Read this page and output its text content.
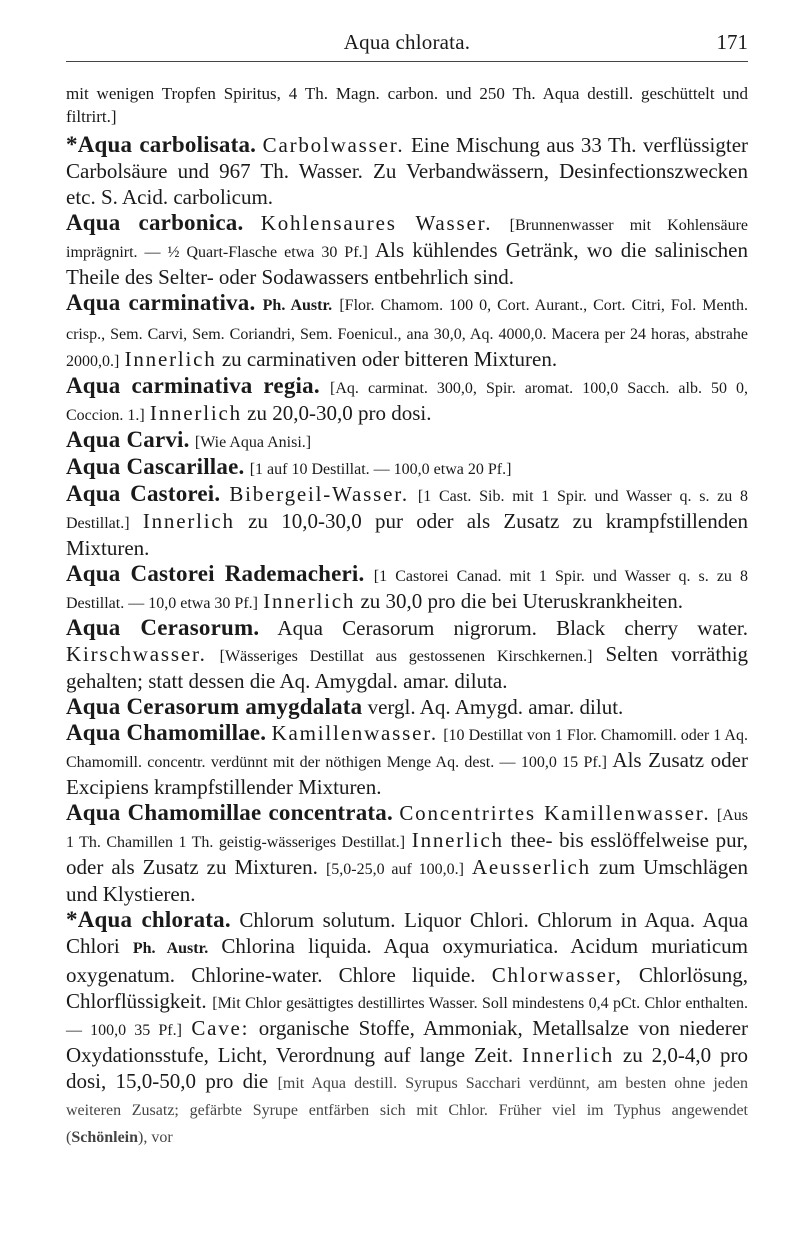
Aqua chlorata.	171

mit wenigen Tropfen Spiritus, 4 Th. Magn. carbon. und 250 Th. Aqua destill. geschüttelt und filtrirt.]

*Aqua carbolisata. Carbolwasser. Eine Mischung aus 33 Th. verflüssigter Carbolsäure und 967 Th. Wasser. Zu Verbandwässern, Desinfectionszwecken etc. S. Acid. carbolicum.

Aqua carbonica. Kohlensaures Wasser. [Brunnenwasser mit Kohlensäure imprägnirt. — ½ Quart-Flasche etwa 30 Pf.] Als kühlendes Getränk, wo die salinischen Theile des Selter- oder Sodawassers entbehrlich sind.

Aqua carminativa. Ph. Austr. [Flor. Chamom. 100 0, Cort. Aurant., Cort. Citri, Fol. Menth. crisp., Sem. Carvi, Sem. Coriandri, Sem. Foenicul., ana 30,0, Aq. 4000,0. Macera per 24 horas, abstrahe 2000,0.] Innerlich zu carminativen oder bitteren Mixturen.

Aqua carminativa regia. [Aq. carminat. 300,0, Spir. aromat. 100,0 Sacch. alb. 50 0, Coccion. 1.] Innerlich zu 20,0-30,0 pro dosi.

Aqua Carvi. [Wie Aqua Anisi.]

Aqua Cascarillae. [1 auf 10 Destillat. — 100,0 etwa 20 Pf.]

Aqua Castorei. Bibergeil-Wasser. [1 Cast. Sib. mit 1 Spir. und Wasser q. s. zu 8 Destillat.] Innerlich zu 10,0-30,0 pur oder als Zusatz zu krampfstillenden Mixturen.

Aqua Castorei Rademacheri. [1 Castorei Canad. mit 1 Spir. und Wasser q. s. zu 8 Destillat. — 10,0 etwa 30 Pf.] Innerlich zu 30,0 pro die bei Uteruskrankheiten.

Aqua Cerasorum. Aqua Cerasorum nigrorum. Black cherry water. Kirschwasser. [Wässeriges Destillat aus gestossenen Kirschkernen.] Selten vorräthig gehalten; statt dessen die Aq. Amygdal. amar. diluta.

Aqua Cerasorum amygdalata vergl. Aq. Amygd. amar. dilut.

Aqua Chamomillae. Kamillenwasser. [10 Destillat von 1 Flor. Chamomill. oder 1 Aq. Chamomill. concentr. verdünnt mit der nöthigen Menge Aq. dest. — 100,0 15 Pf.] Als Zusatz oder Excipiens krampfstillender Mixturen.

Aqua Chamomillae concentrata. Concentrirtes Kamillenwasser. [Aus 1 Th. Chamillen 1 Th. geistig-wässeriges Destillat.] Innerlich thee- bis esslöffelweise pur, oder als Zusatz zu Mixturen. [5,0-25,0 auf 100,0.] Aeusserlich zum Umschlägen und Klystieren.

*Aqua chlorata. Chlorum solutum. Liquor Chlori. Chlorum in Aqua. Aqua Chlori Ph. Austr. Chlorina liquida. Aqua oxymuriatica. Acidum muriaticum oxygenatum. Chlorine-water. Chlore liquide. Chlorwasser, Chlorlösung, Chlorflüssigkeit. [Mit Chlor gesättigtes destillirtes Wasser. Soll mindestens 0,4 pCt. Chlor enthalten. — 100,0 35 Pf.] Cave: organische Stoffe, Ammoniak, Metallsalze von niederer Oxydationsstufe, Licht, Verordnung auf lange Zeit. Innerlich zu 2,0-4,0 pro dosi, 15,0-50,0 pro die [mit Aqua destill. Syrupus Sacchari verdünnt, am besten ohne jeden weiteren Zusatz; gefärbte Syrupe entfärben sich mit Chlor. Früher viel im Typhus angewendet (Schönlein), vor
